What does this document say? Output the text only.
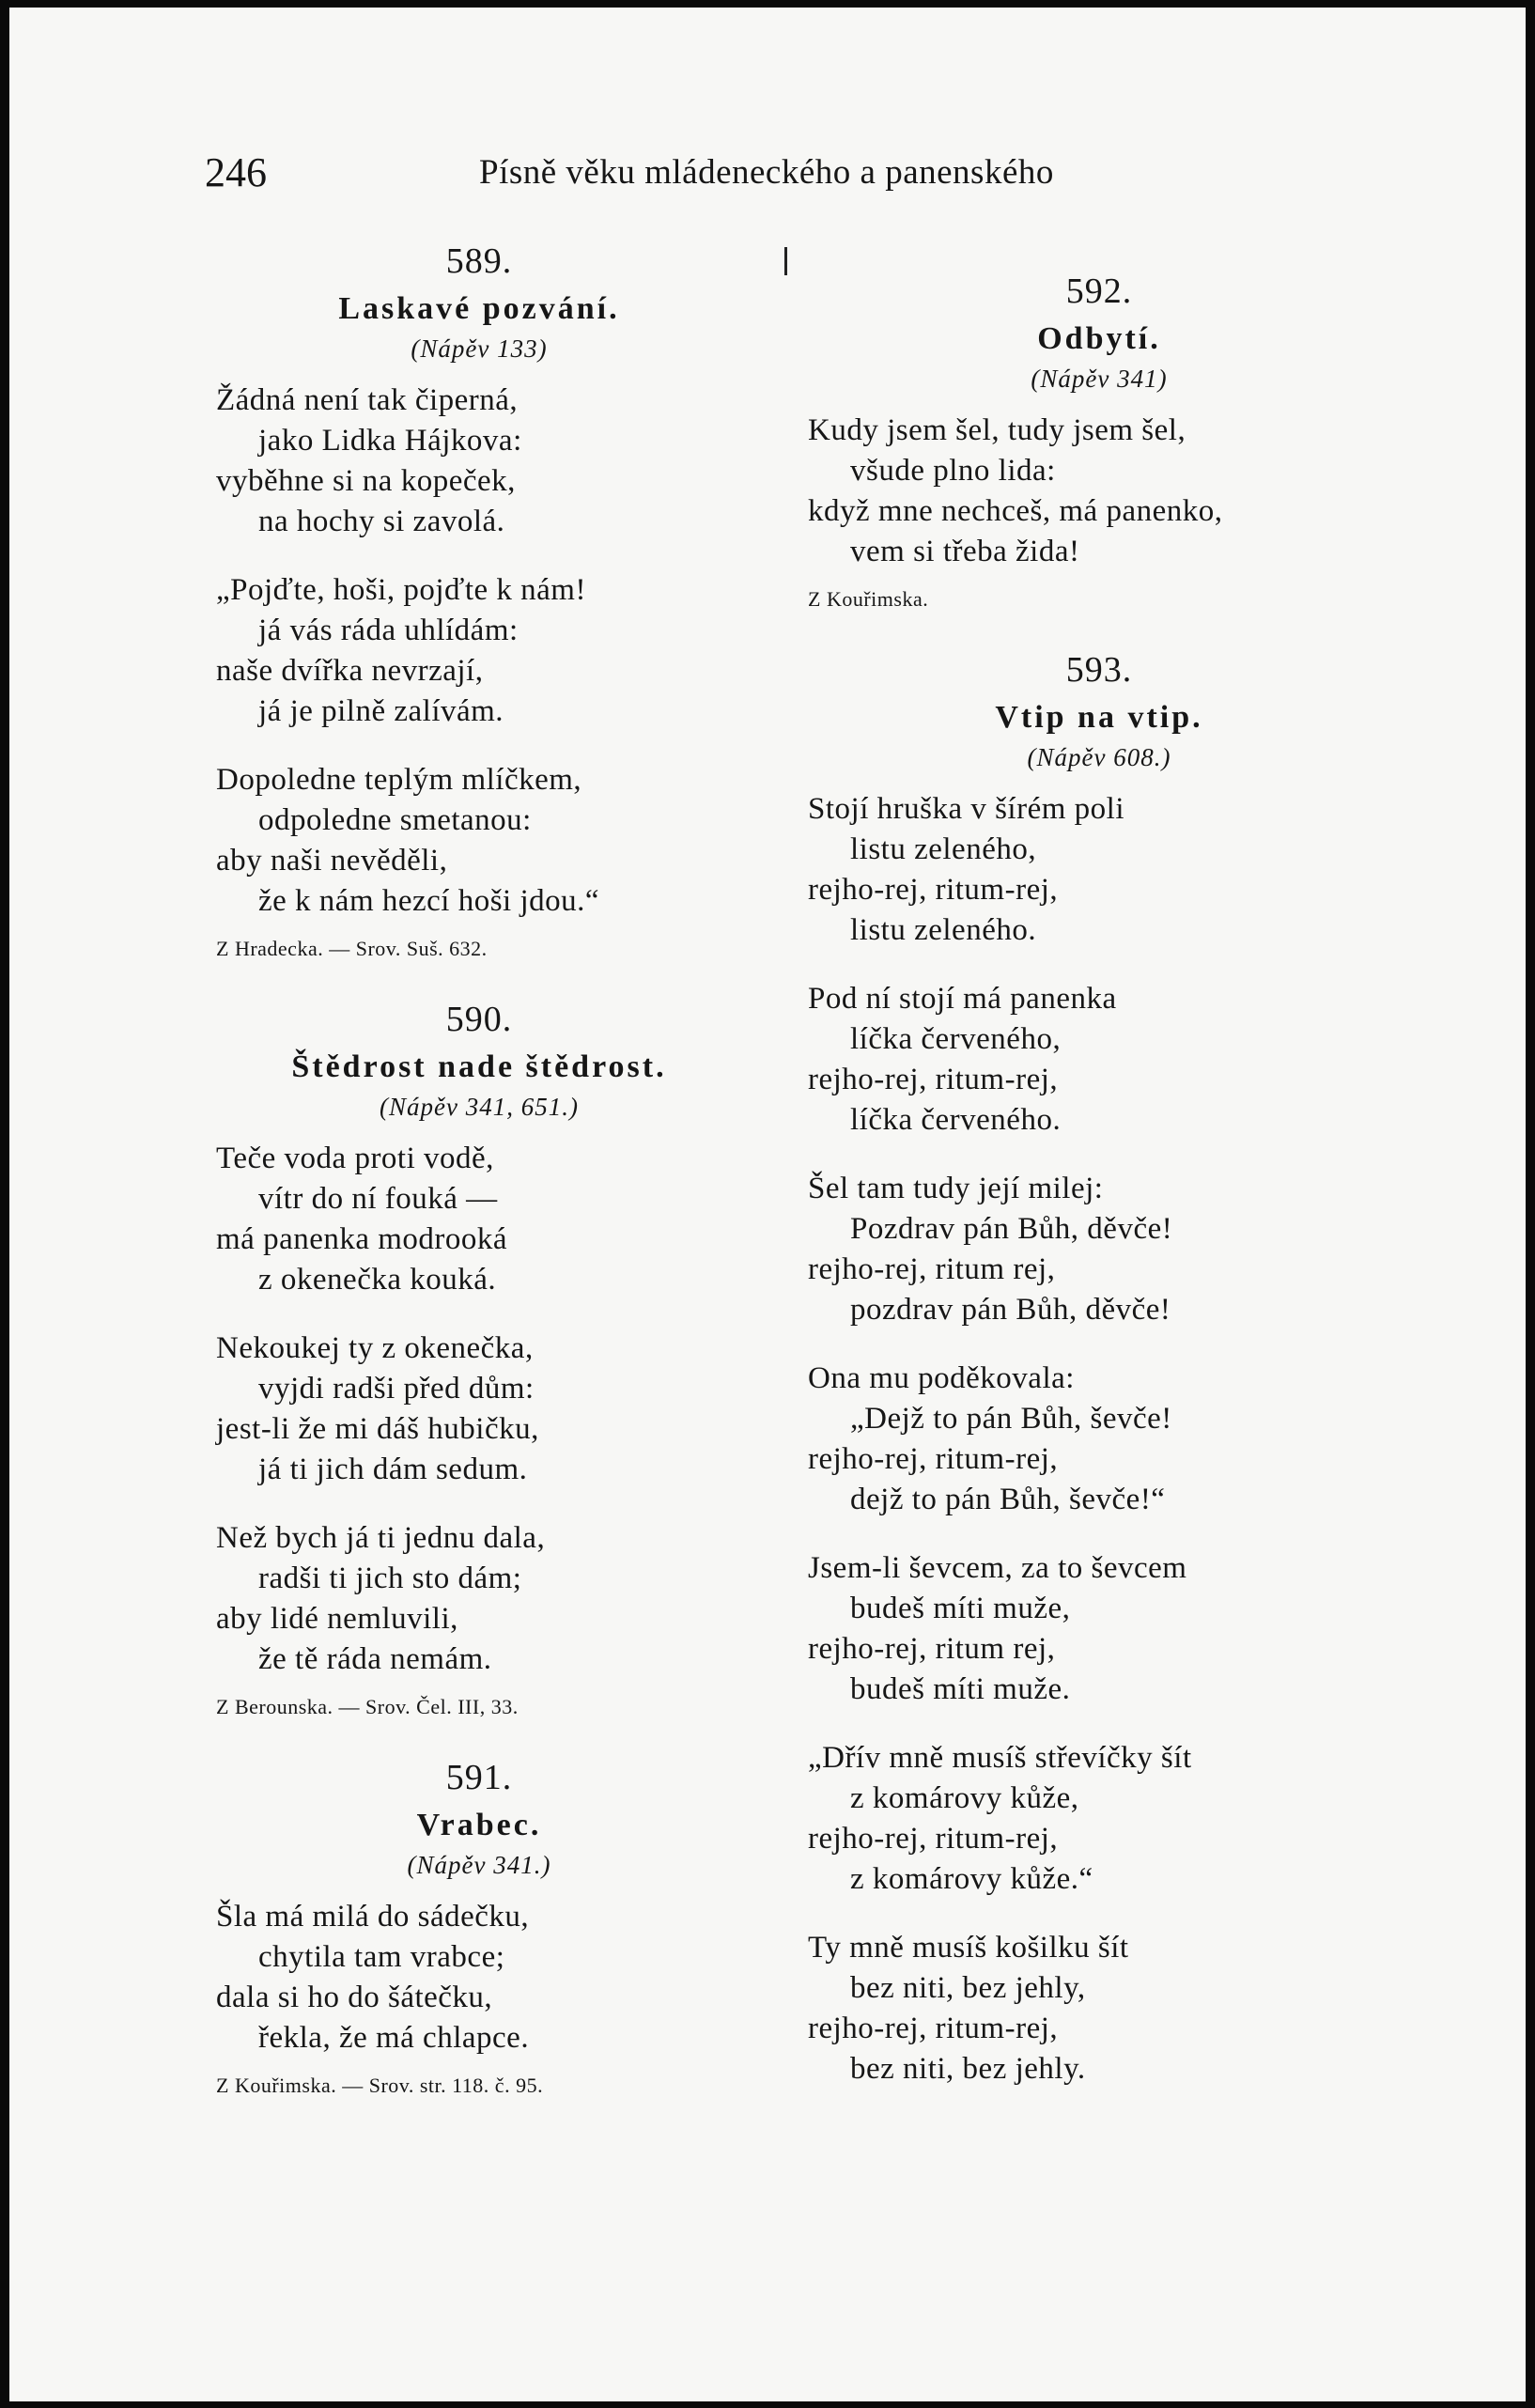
246	Písně věku mládeneckého a panenského
589.
Laskavé pozvání.
(Nápěv 133)
Žádná není tak čiperná,
jako Lidka Hájkova:
vyběhne si na kopeček,
na hochy si zavolá.
„Pojďte, hoši, pojďte k nám!
já vás ráda uhlídám:
naše dvířka nevrzají,
já je pilně zalívám.
Dopoledne teplým mlíčkem,
odpoledne smetanou:
aby naši nevěděli,
že k nám hezcí hoši jdou.“
Z Hradecka. — Srov. Suš. 632.
590.
Štědrost nade štědrost.
(Nápěv 341, 651.)
Teče voda proti vodě,
vítr do ní fouká —
má panenka modrooká
z okenečka kouká.
Nekoukej ty z okenečka,
vyjdi radši před dům:
jest-li že mi dáš hubičku,
já ti jich dám sedum.
Než bych já ti jednu dala,
radši ti jich sto dám;
aby lidé nemluvili,
že tě ráda nemám.
Z Berounska. — Srov. Čel. III, 33.
591.
Vrabec.
(Nápěv 341.)
Šla má milá do sádečku,
chytila tam vrabce;
dala si ho do šátečku,
řekla, že má chlapce.
Z Kouřimska. — Srov. str. 118. č. 95.
592.
Odbytí.
(Nápěv 341)
Kudy jsem šel, tudy jsem šel,
všude plno lida:
když mne nechceš, má panenko,
vem si třeba žida!
Z Kouřimska.
593.
Vtip na vtip.
(Nápěv 608.)
Stojí hruška v šírém poli
listu zeleného,
rejho-rej, ritum-rej,
listu zeleného.
Pod ní stojí má panenka
líčka červeného,
rejho-rej, ritum-rej,
líčka červeného.
Šel tam tudy její milej:
Pozdrav pán Bůh, děvče!
rejho-rej, ritum rej,
pozdrav pán Bůh, děvče!
Ona mu poděkovala:
„Dejž to pán Bůh, ševče!
rejho-rej, ritum-rej,
dejž to pán Bůh, ševče!“
Jsem-li ševcem, za to ševcem
budeš míti muže,
rejho-rej, ritum rej,
budeš míti muže.
„Dřív mně musíš střevíčky šít
z komárovy kůže,
rejho-rej, ritum-rej,
z komárovy kůže.“
Ty mně musíš košilku šít
bez niti, bez jehly,
rejho-rej, ritum-rej,
bez niti, bez jehly.
